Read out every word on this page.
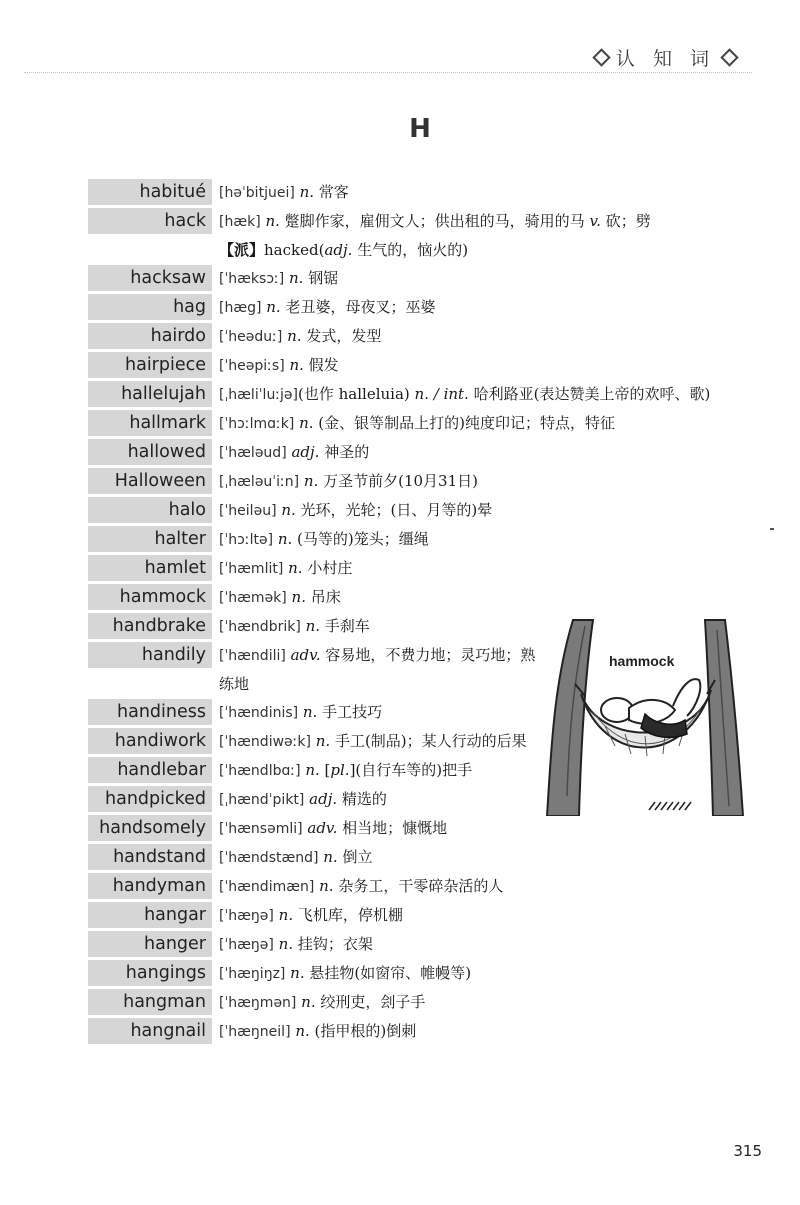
认 知 词
H
habitué [həˈbitjuei] n. 常客
hack [hæk] n. 蹩脚作家，雇佣文人；供出租的马，骑用的马 v. 砍；劈
【派】hacked(adj. 生气的，恼火的)
hacksaw [ˈhæksɔː] n. 钢锯
hag [hæg] n. 老丑婆，母夜叉；巫婆
hairdo [ˈheəduː] n. 发式，发型
hairpiece [ˈheəpiːs] n. 假发
hallelujah [ˌhæliˈluːjə](也作 halleluia) n. / int. 哈利路亚(表达赞美上帝的欢呼、歌)
hallmark [ˈhɔːlmɑːk] n. (金、银等制品上打的)纯度印记；特点，特征
hallowed [ˈhæləud] adj. 神圣的
Halloween [ˌhæləuˈiːn] n. 万圣节前夕(10月31日)
halo [ˈheiləu] n. 光环，光轮；(日、月等的)晕
halter [ˈhɔːltə] n. (马等的)笼头；缰绳
hamlet [ˈhæmlit] n. 小村庄
hammock [ˈhæmək] n. 吊床
handbrake [ˈhændbrik] n. 手刹车
handily [ˈhændili] adv. 容易地，不费力地；灵巧地；熟练地
handiness [ˈhændinis] n. 手工技巧
handiwork [ˈhændiwəːk] n. 手工(制品)；某人行动的后果
handlebar [ˈhændlbɑː] n. [pl.](自行车等的)把手
handpicked [ˌhændˈpikt] adj. 精选的
handsomely [ˈhænsəmli] adv. 相当地；慷慨地
handstand [ˈhændstænd] n. 倒立
handyman [ˈhændimæn] n. 杂务工，干零碎杂活的人
hangar [ˈhæŋə] n. 飞机库，停机棚
hanger [ˈhæŋə] n. 挂钩；衣架
hangings [ˈhæŋiŋz] n. 悬挂物(如窗帘、帷幔等)
hangman [ˈhæŋmən] n. 绞刑吏，刽子手
hangnail [ˈhæŋneil] n. (指甲根的)倒刺
hammock
315
